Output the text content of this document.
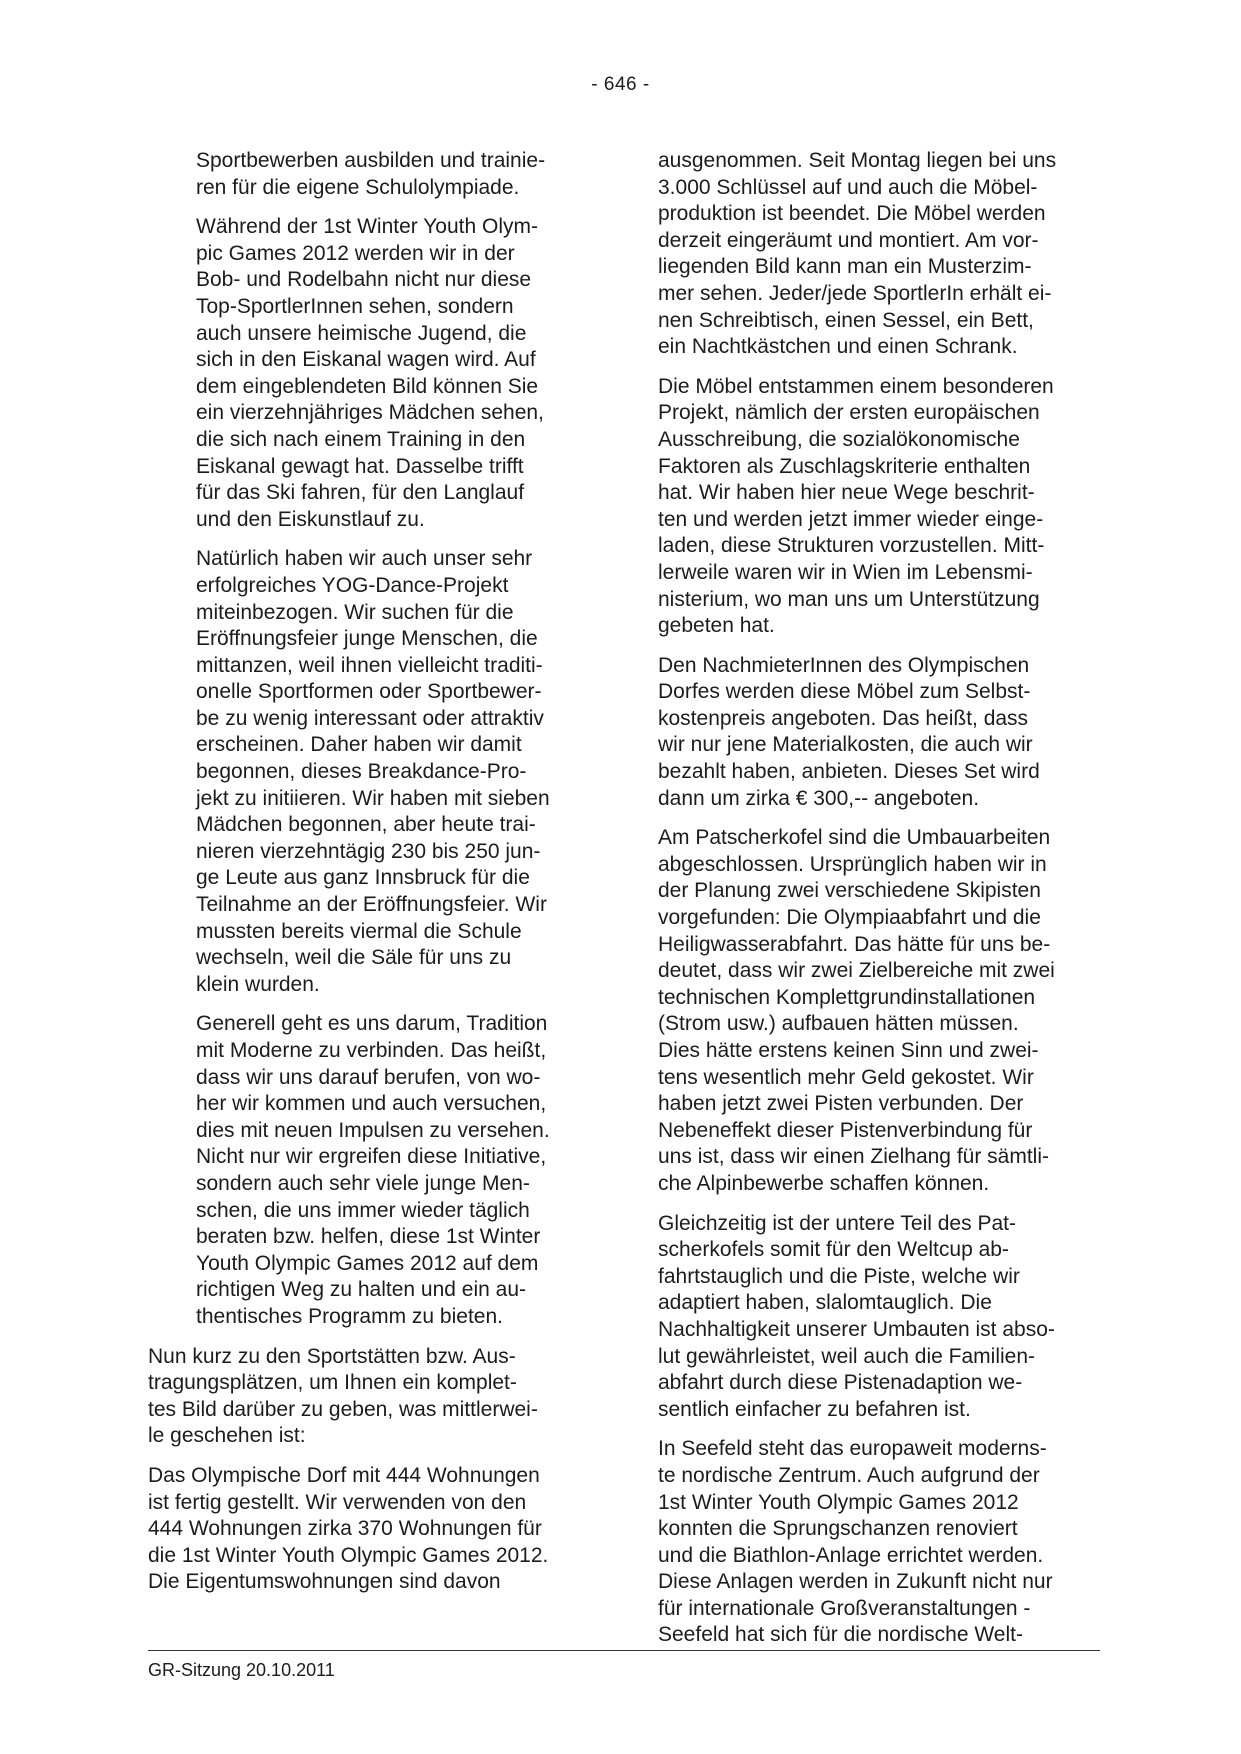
- 646 -

Sportbewerben ausbilden und trainie-
ren für die eigene Schulolympiade.

Während der 1st Winter Youth Olym-
pic Games 2012 werden wir in der
Bob- und Rodelbahn nicht nur diese
Top-SportlerInnen sehen, sondern
auch unsere heimische Jugend, die
sich in den Eiskanal wagen wird. Auf
dem eingeblendeten Bild können Sie
ein vierzehnjähriges Mädchen sehen,
die sich nach einem Training in den
Eiskanal gewagt hat. Dasselbe trifft
für das Ski fahren, für den Langlauf
und den Eiskunstlauf zu.

Natürlich haben wir auch unser sehr
erfolgreiches YOG-Dance-Projekt
miteinbezogen. Wir suchen für die
Eröffnungsfeier junge Menschen, die
mittanzen, weil ihnen vielleicht traditi-
onelle Sportformen oder Sportbewer-
be zu wenig interessant oder attraktiv
erscheinen. Daher haben wir damit
begonnen, dieses Breakdance-Pro-
jekt zu initiieren. Wir haben mit sieben
Mädchen begonnen, aber heute trai-
nieren vierzehntägig 230 bis 250 jun-
ge Leute aus ganz Innsbruck für die
Teilnahme an der Eröffnungsfeier. Wir
mussten bereits viermal die Schule
wechseln, weil die Säle für uns zu
klein wurden.

Generell geht es uns darum, Tradition
mit Moderne zu verbinden. Das heißt,
dass wir uns darauf berufen, von wo-
her wir kommen und auch versuchen,
dies mit neuen Impulsen zu versehen.
Nicht nur wir ergreifen diese Initiative,
sondern auch sehr viele junge Men-
schen, die uns immer wieder täglich
beraten bzw. helfen, diese 1st Winter
Youth Olympic Games 2012 auf dem
richtigen Weg zu halten und ein au-
thentisches Programm zu bieten.

Nun kurz zu den Sportstätten bzw. Aus-
tragungsplätzen, um Ihnen ein komplet-
tes Bild darüber zu geben, was mittlerwei-
le geschehen ist:

Das Olympische Dorf mit 444 Wohnungen
ist fertig gestellt. Wir verwenden von den
444 Wohnungen zirka 370 Wohnungen für
die 1st Winter Youth Olympic Games 2012.
Die Eigentumswohnungen sind davon

ausgenommen. Seit Montag liegen bei uns
3.000 Schlüssel auf und auch die Möbel-
produktion ist beendet. Die Möbel werden
derzeit eingeräumt und montiert. Am vor-
liegenden Bild kann man ein Musterzim-
mer sehen. Jeder/jede SportlerIn erhält ei-
nen Schreibtisch, einen Sessel, ein Bett,
ein Nachtkästchen und einen Schrank.

Die Möbel entstammen einem besonderen
Projekt, nämlich der ersten europäischen
Ausschreibung, die sozialökonomische
Faktoren als Zuschlagskriterie enthalten
hat. Wir haben hier neue Wege beschrit-
ten und werden jetzt immer wieder einge-
laden, diese Strukturen vorzustellen. Mitt-
lerweile waren wir in Wien im Lebensmi-
nisterium, wo man uns um Unterstützung
gebeten hat.

Den NachmieterInnen des Olympischen
Dorfes werden diese Möbel zum Selbst-
kostenpreis angeboten. Das heißt, dass
wir nur jene Materialkosten, die auch wir
bezahlt haben, anbieten. Dieses Set wird
dann um zirka € 300,-- angeboten.

Am Patscherkofel sind die Umbauarbeiten
abgeschlossen. Ursprünglich haben wir in
der Planung zwei verschiedene Skipisten
vorgefunden: Die Olympiaabfahrt und die
Heiligwasserabfahrt. Das hätte für uns be-
deutet, dass wir zwei Zielbereiche mit zwei
technischen Komplettgrundinstallationen
(Strom usw.) aufbauen hätten müssen.
Dies hätte erstens keinen Sinn und zwei-
tens wesentlich mehr Geld gekostet. Wir
haben jetzt zwei Pisten verbunden. Der
Nebeneffekt dieser Pistenverbindung für
uns ist, dass wir einen Zielhang für sämtli-
che Alpinbewerbe schaffen können.

Gleichzeitig ist der untere Teil des Pat-
scherkofels somit für den Weltcup ab-
fahrtstauglich und die Piste, welche wir
adaptiert haben, slalomtauglich. Die
Nachhaltigkeit unserer Umbauten ist abso-
lut gewährleistet, weil auch die Familien-
abfahrt durch diese Pistenadaption we-
sentlich einfacher zu befahren ist.

In Seefeld steht das europaweit moderns-
te nordische Zentrum. Auch aufgrund der
1st Winter Youth Olympic Games 2012
konnten die Sprungschanzen renoviert
und die Biathlon-Anlage errichtet werden.
Diese Anlagen werden in Zukunft nicht nur
für internationale Großveranstaltungen -
Seefeld hat sich für die nordische Welt-

GR-Sitzung 20.10.2011
